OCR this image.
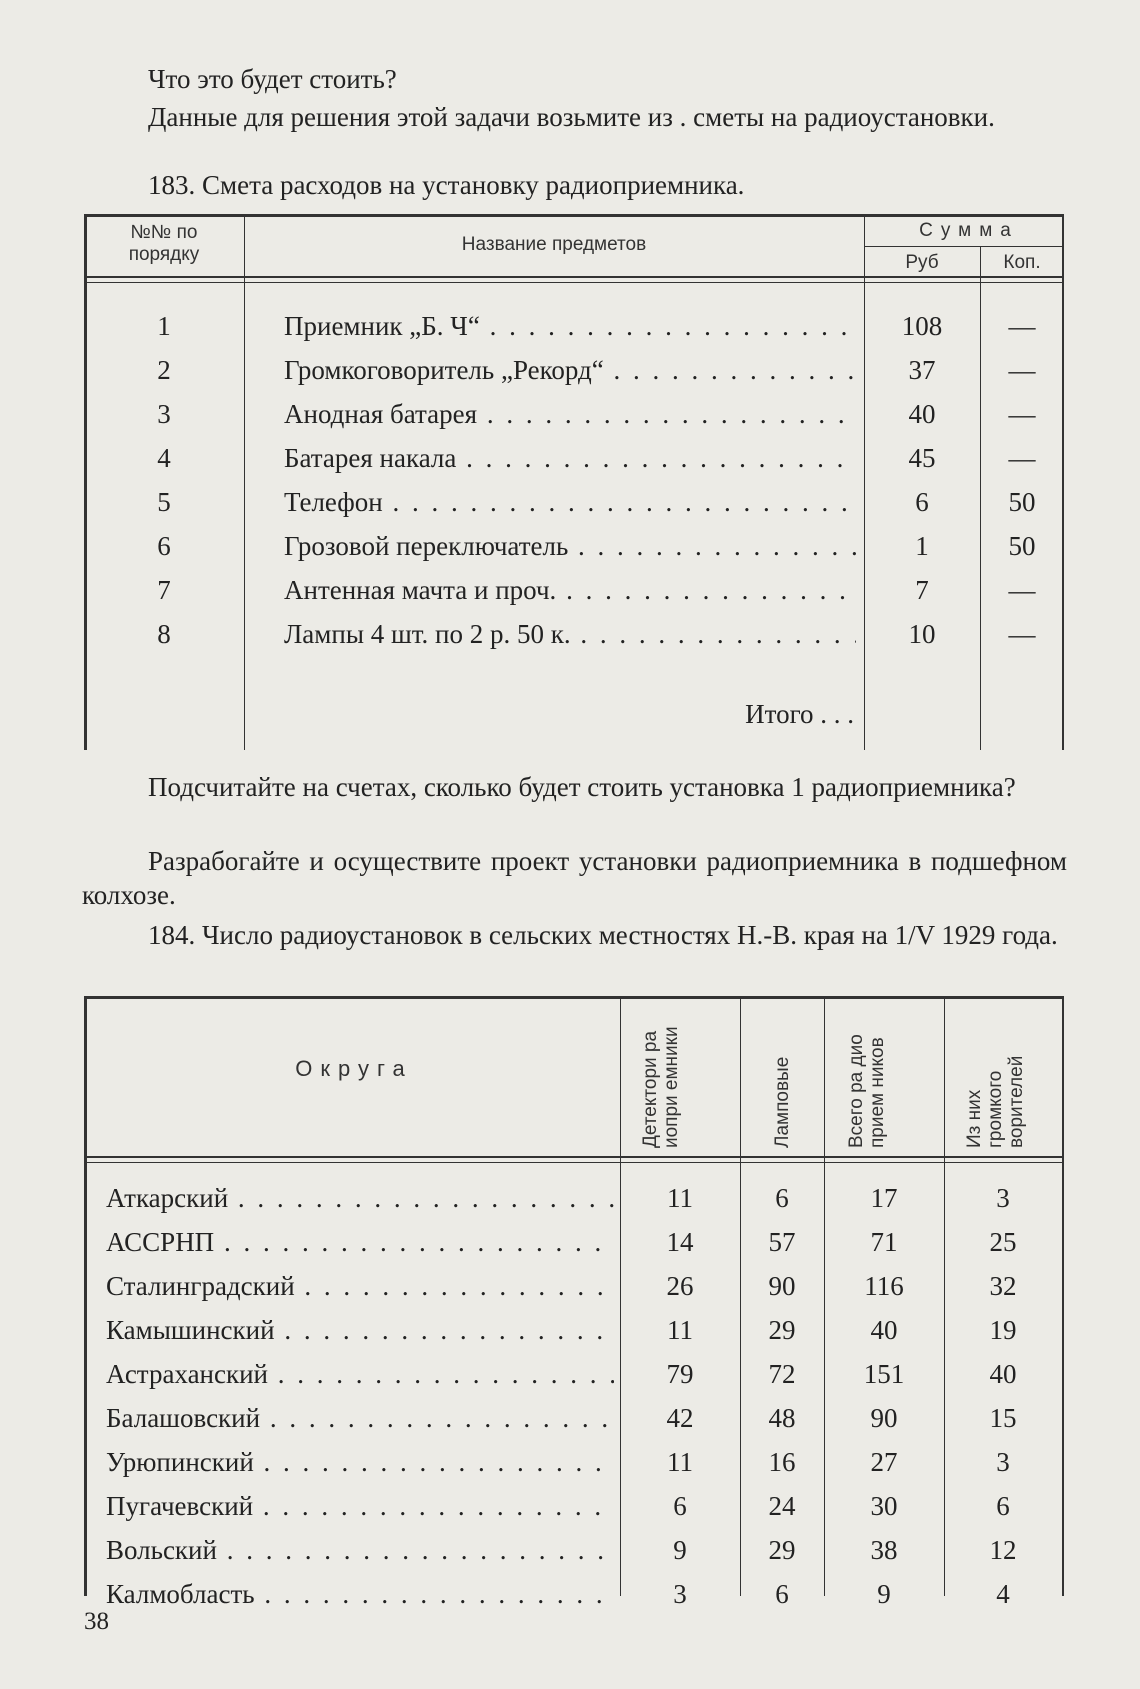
Что это будет стоить?

Данные для решения этой задачи возьмите из . сметы на радиоустановки.

183. Смета расходов на установку радиоприемника.
№№ по порядку	Название предметов
Сумма
Руб	Коп.
1	Приемник „Б. Ч“ . . .	108	—
2	Громкоговоритель „Рекорд“ . . .	37	—
3	Анодная батарея . . .	40	—
4	Батарея накала . . .	45	—
5	Телефон . . .	6	50
6	Грозовой переключатель . . .	1	50
7	Антенная мачта и проч. . . .	7	—
8	Лампы 4 шт. по 2 р. 50 к. . . .	10	—
Итого . . .

Подсчитайте на счетах, сколько будет стоить установка 1 радиоприемника?

Разрабогайте и осуществите проект установки радиоприемника в подшефном колхозе.

184. Число радиоустановок в сельских местностях Н.-В. края на 1/V 1929 года.

Округа	Детектори ра иопри емники	Ламповые	Всего ра дио прием ников	Из них громкого ворителей
Аткарский . . .	11	6	17	3
АССРНП . . .	14	57	71	25
Сталинградский . . .	26	90	116	32
Камышинский . . .	11	29	40	19
Астраханский . . .	79	72	151	40
Балашовский . . .	42	48	90	15
Урюпинский . . .	11	16	27	3
Пугачевский . . .	6	24	30	6
Вольский . . .	9	29	38	12
Калмобласть . . .	3	6	9	4
38
